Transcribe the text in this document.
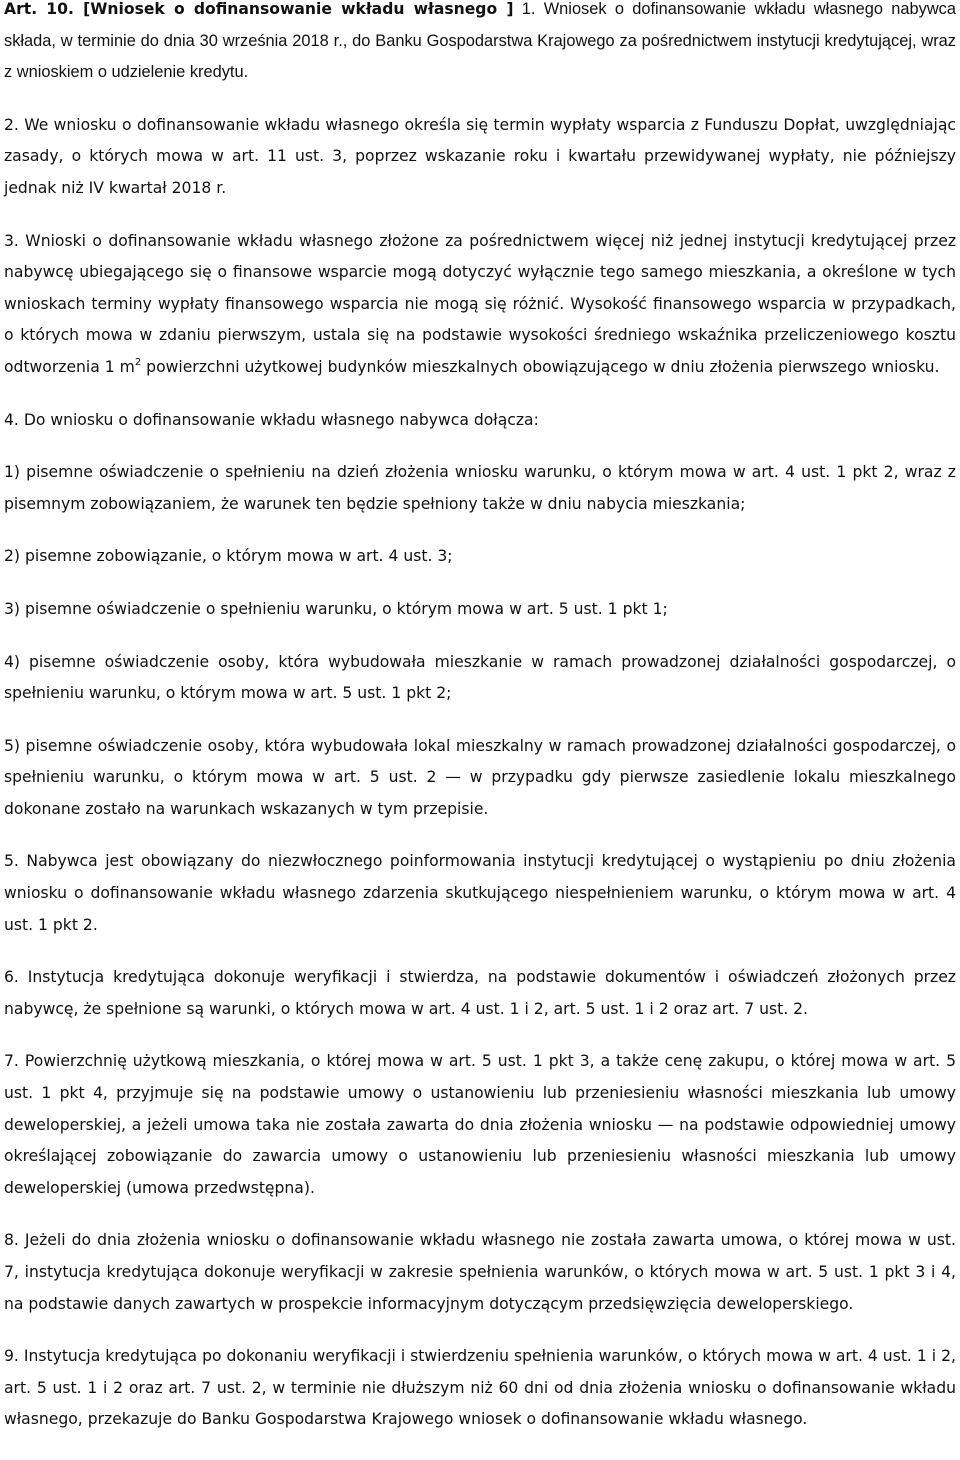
Art. 10. [Wniosek o dofinansowanie wkładu własnego ] 1. Wniosek o dofinansowanie wkładu własnego nabywca składa, w terminie do dnia 30 września 2018 r., do Banku Gospodarstwa Krajowego za pośrednictwem instytucji kredytującej, wraz z wnioskiem o udzielenie kredytu.

2. We wniosku o dofinansowanie wkładu własnego określa się termin wypłaty wsparcia z Funduszu Dopłat, uwzględniając zasady, o których mowa w art. 11 ust. 3, poprzez wskazanie roku i kwartału przewidywanej wypłaty, nie późniejszy jednak niż IV kwartał 2018 r.

3. Wnioski o dofinansowanie wkładu własnego złożone za pośrednictwem więcej niż jednej instytucji kredytującej przez nabywcę ubiegającego się o finansowe wsparcie mogą dotyczyć wyłącznie tego samego mieszkania, a określone w tych wnioskach terminy wypłaty finansowego wsparcia nie mogą się różnić. Wysokość finansowego wsparcia w przypadkach, o których mowa w zdaniu pierwszym, ustala się na podstawie wysokości średniego wskaźnika przeliczeniowego kosztu odtworzenia 1 $m^2$ powierzchni użytkowej budynków mieszkalnych obowiązującego w dniu złożenia pierwszego wniosku.

4. Do wniosku o dofinansowanie wkładu własnego nabywca dołącza:

1) pisemne oświadczenie o spełnieniu na dzień złożenia wniosku warunku, o którym mowa w art. 4 ust. 1 pkt 2, wraz z pisemnym zobowiązaniem, że warunek ten będzie spełniony także w dniu nabycia mieszkania;

2) pisemne zobowiązanie, o którym mowa w art. 4 ust. 3;

3) pisemne oświadczenie o spełnieniu warunku, o którym mowa w art. 5 ust. 1 pkt 1;

4) pisemne oświadczenie osoby, która wybudowała mieszkanie w ramach prowadzonej działalności gospodarczej, o spełnieniu warunku, o którym mowa w art. 5 ust. 1 pkt 2;

5) pisemne oświadczenie osoby, która wybudowała lokal mieszkalny w ramach prowadzonej działalności gospodarczej, o spełnieniu warunku, o którym mowa w art. 5 ust. 2 — w przypadku gdy pierwsze zasiedlenie lokalu mieszkalnego dokonane zostało na warunkach wskazanych w tym przepisie.

5. Nabywca jest obowiązany do niezwłocznego poinformowania instytucji kredytującej o wystąpieniu po dniu złożenia wniosku o dofinansowanie wkładu własnego zdarzenia skutkującego niespełnieniem warunku, o którym mowa w art. 4 ust. 1 pkt 2.

6. Instytucja kredytująca dokonuje weryfikacji i stwierdza, na podstawie dokumentów i oświadczeń złożonych przez nabywcę, że spełnione są warunki, o których mowa w art. 4 ust. 1 i 2, art. 5 ust. 1 i 2 oraz art. 7 ust. 2.

7. Powierzchnię użytkową mieszkania, o której mowa w art. 5 ust. 1 pkt 3, a także cenę zakupu, o której mowa w art. 5 ust. 1 pkt 4, przyjmuje się na podstawie umowy o ustanowieniu lub przeniesieniu własności mieszkania lub umowy deweloperskiej, a jeżeli umowa taka nie została zawarta do dnia złożenia wniosku — na podstawie odpowiedniej umowy określającej zobowiązanie do zawarcia umowy o ustanowieniu lub przeniesieniu własności mieszkania lub umowy deweloperskiej (umowa przedwstępna).

8. Jeżeli do dnia złożenia wniosku o dofinansowanie wkładu własnego nie została zawarta umowa, o której mowa w ust. 7, instytucja kredytująca dokonuje weryfikacji w zakresie spełnienia warunków, o których mowa w art. 5 ust. 1 pkt 3 i 4, na podstawie danych zawartych w prospekcie informacyjnym dotyczącym przedsięwzięcia deweloperskiego.

9. Instytucja kredytująca po dokonaniu weryfikacji i stwierdzeniu spełnienia warunków, o których mowa w art. 4 ust. 1 i 2, art. 5 ust. 1 i 2 oraz art. 7 ust. 2, w terminie nie dłuższym niż 60 dni od dnia złożenia wniosku o dofinansowanie wkładu własnego, przekazuje do Banku Gospodarstwa Krajowego wniosek o dofinansowanie wkładu własnego.
